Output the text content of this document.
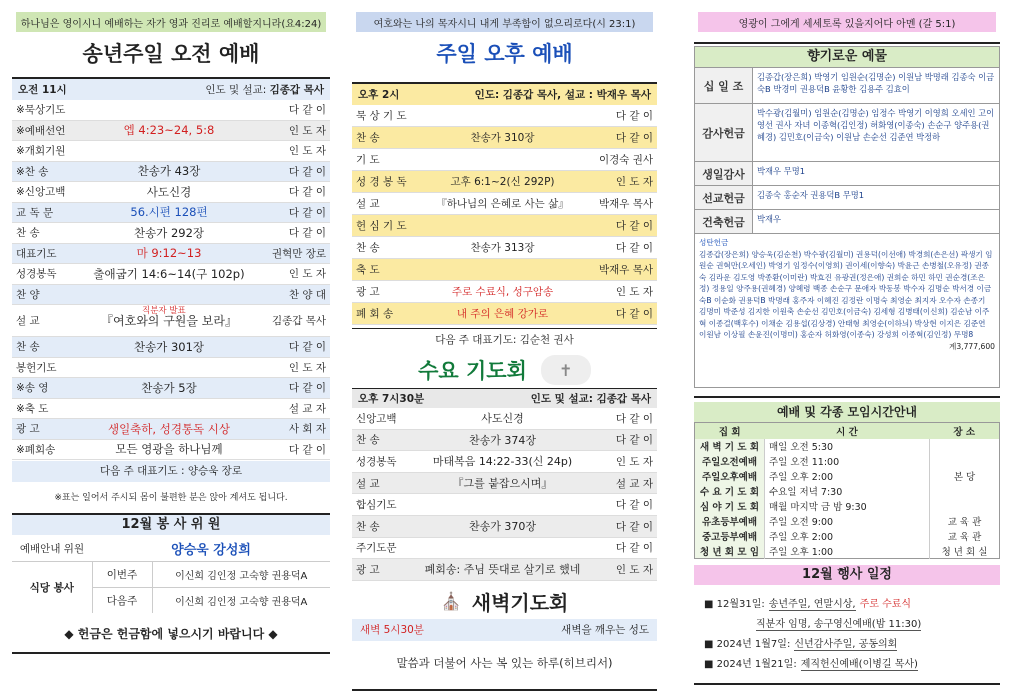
하나님은 영이시니 예배하는 자가 영과 진리로 예배할지니라(요4:24)
송년주일 오전 예배
오전 11시	인도 및 설교: 김종갑 목사
※묵상기도	다 같 이
※예배선언	엡 4:23~24, 5:8	인 도 자
※개회기원	인 도 자
※찬 송	찬송가 43장	다 같 이
※신앙고백	사도신경	다 같 이
교 독 문	56.시편 128편	다 같 이
찬 송	찬송가 292장	다 같 이
대표기도	마 9:12~13	권혁만 장로
성경봉독	출애굽기 14:6~14(구 102p)	인 도 자
찬 양	찬 양 대
설 교	『여호와의 구원을 보라』	김종갑 목사
직분자 발표
찬 송	찬송가 301장	다 같 이
봉헌기도	인 도 자
※송 영	찬송가 5장	다 같 이
※축 도	설 교 자
광 고	생일축하, 성경통독 시상	사 회 자
※폐회송	모든 영광을 하나님께	다 같 이
다음 주 대표기도 : 양승욱 장로
※표는 일어서 주시되 몸이 불편한 분은 앉아 계셔도 됩니다.
12월 봉 사 위 원
예배안내 위원	양승욱 강성희	
식당 봉사	이번주	이신희 김인정 고숙향 권용덕A
	다음주	이신희 김인정 고숙향 권용덕A
◆ 헌금은 헌금함에 넣으시기 바랍니다 ◆
여호와는 나의 목자시니 내게 부족함이 없으리로다(시 23:1)
주일 오후 예배
오후 2시	인도: 김종갑 목사, 설교 : 박재우 목사
묵 상 기 도	다 같 이
찬 송	찬송가 310장	다 같 이
기 도	이경숙 권사
성 경 봉 독	고후 6:1~2(신 292P)	인 도 자
설 교	『하나님의 은혜로 사는 삶』	박재우 목사
헌 심 기 도	다 같 이
찬 송	찬송가 313장	다 같 이
축 도	박재우 목사
광 고	주로 수료식, 성구암송	인 도 자
폐 회 송	내 주의 은혜 강가로	다 같 이
다음 주 대표기도: 김순천 권사
수요 기도회	✝
오후 7시30분	인도 및 설교: 김종갑 목사
신앙고백	사도신경	다 같 이
찬 송	찬송가 374장	다 같 이
성경봉독	마태복음 14:22-33(신 24p)	인 도 자
설 교	『그를 붙잡으시며』	설 교 자
합심기도	다 같 이
찬 송	찬송가 370장	다 같 이
주기도문	다 같 이
광 고	폐회송: 주님 뜻대로 살기로 했네	인 도 자
⛪ 새벽기도회
새벽 5시30분	새벽을 깨우는 성도
말씀과 더불어 사는 복 있는 하루(히브리서)
영광이 그에게 세세토록 있을지어다 아멘 (갈 5:1)
향기로운 예물
십 일 조
김종갑(장은희) 박영기 임원순(김명순) 이원남 박명래 김종숙 이금숙B 박경미 권용덕B 윤황한 김용주 김효이
감사헌금
박수광(김월미) 임원순(김명순) 임정수 박영기 이영희 오세인 고이영선 권사 자녀 이종혁(김인정) 허화영(이종숙) 손순구 양주용(권혜경) 김민호(이금숙) 이원남 손순선 김준연 박정하
생일감사	박재우 무명1
선교헌금	김종숙 홍순자 권용덕B 무명1
건축헌금	박재우
성탄헌금
김종갑(장은희) 양승욱(김순천) 박수광(김월미) 권용덕(이선애) 박경희(손은선) 곽생기 임원순 권혁만(오세인) 박영기 임정수(이영희) 권이세(이향숙) 박윤근 손병철(오유정) 권종숙 김라운 김도영 박종환(이미란) 박효진 유광권(정은애) 권희순 하민 하민 권순경(조은정) 정용일 양주용(권혜경) 양혜령 백종 손순구 문애자 박동봉 박수자 김명순 박서경 이금숙B 이순화 권용덕B 박명래 홍주자 이혜진 김정란 이명숙 최영순 최지자 오수자 손종기 김명미 박준성 김지한 이원축 손순선 김민호(이금숙) 김세형 김병태(이신희) 김순남 이주혁 이종걸(백후수) 이채순 김용섭(김상경) 안태형 최영순(이하늬) 박상현 이지은 김준연 이원남 이상필 손윤진(이명미) 홍순자 허화영(이종숙) 강성희 이종혁(김인정) 무명8
계3,777,600
예배 및 각종 모임시간안내
집 회	시 간	장 소
새 벽 기 도 회	매일 오전 5:30	본 당
주일오전예배	주일 오전 11:00	
주일오후예배	주일 오후 2:00	
수 요 기 도 회	수요일 저녁 7:30	
심 야 기 도 회	매월 마지막 금 밤 9:30	
유초등부예배	주일 오전 9:00	교 육 관
중고등부예배	주일 오후 2:00	교 육 관
청 년 회 모 임	주일 오후 1:00	청 년 회 실
12월 행사 일정
■ 12월31일: 송년주일, 연말시상, 주로 수료식
직분자 임명, 송구영신예배(밤 11:30)
■ 2024년 1월7일: 신년감사주일, 공동의회
■ 2024년 1월21일: 제직헌신예배(이병길 목사)
